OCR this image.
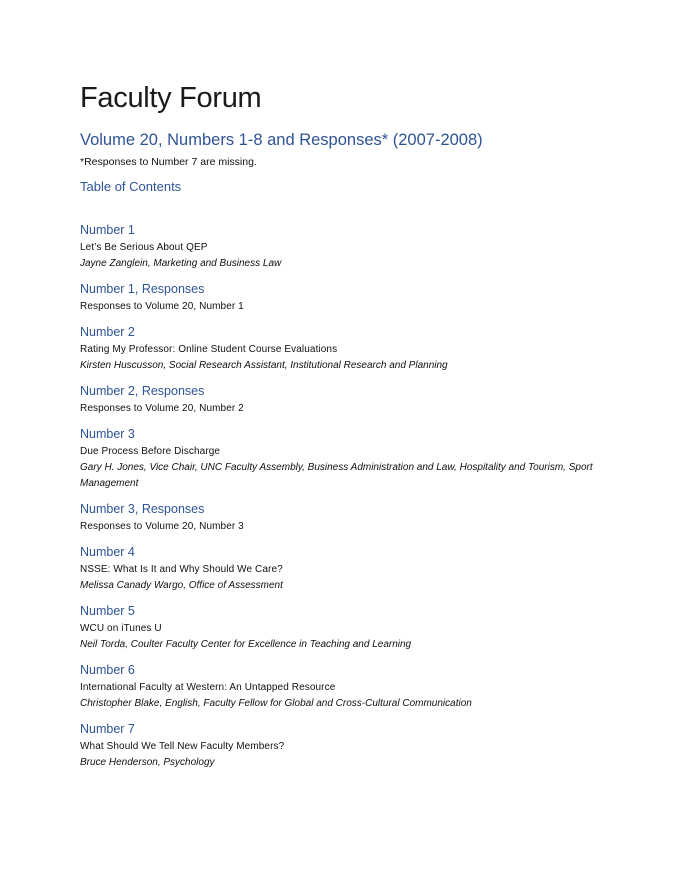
Faculty Forum
Volume 20, Numbers 1-8 and Responses* (2007-2008)

*Responses to Number 7 are missing.

Table of Contents
Number 1
Let’s Be Serious About QEP
Jayne Zanglein, Marketing and Business Law
Number 1, Responses
Responses to Volume 20, Number 1
Number 2
Rating My Professor: Online Student Course Evaluations
Kirsten Huscusson, Social Research Assistant, Institutional Research and Planning
Number 2, Responses
Responses to Volume 20, Number 2
Number 3
Due Process Before Discharge
Gary H. Jones, Vice Chair, UNC Faculty Assembly, Business Administration and Law, Hospitality and Tourism, Sport Management
Number 3, Responses
Responses to Volume 20, Number 3
Number 4
NSSE: What Is It and Why Should We Care?
Melissa Canady Wargo, Office of Assessment
Number 5
WCU on iTunes U
Neil Torda, Coulter Faculty Center for Excellence in Teaching and Learning
Number 6
International Faculty at Western: An Untapped Resource
Christopher Blake, English, Faculty Fellow for Global and Cross-Cultural Communication
Number 7
What Should We Tell New Faculty Members?
Bruce Henderson, Psychology
